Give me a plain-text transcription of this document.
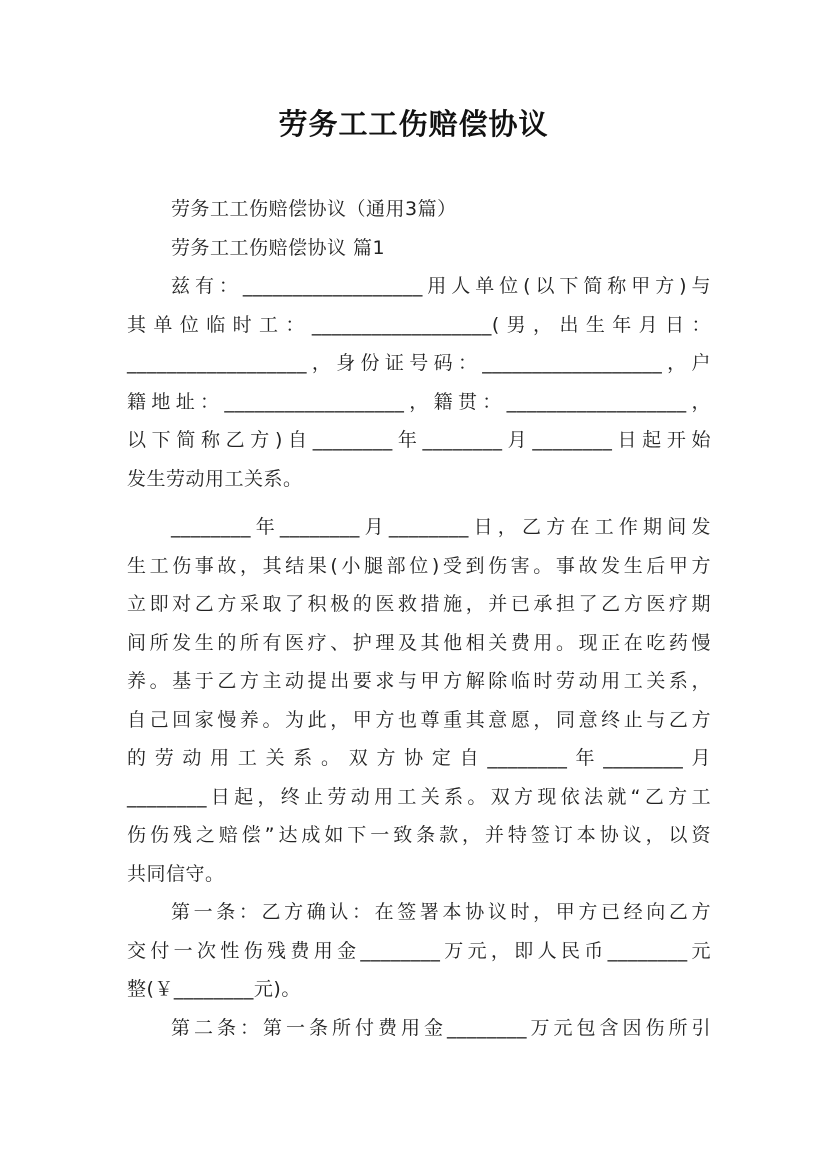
劳务工工伤赔偿协议
劳务工工伤赔偿协议（通用3篇）
劳务工工伤赔偿协议 篇1
兹有：__________________用人单位(以下简称甲方)与
其单位临时工：__________________(男，出生年月日：
__________________，身份证号码：__________________，户
籍地址：__________________，籍贯：__________________，
以下简称乙方)自________年________月________日起开始
发生劳动用工关系。
________年________月________日，乙方在工作期间发
生工伤事故，其结果(小腿部位)受到伤害。事故发生后甲方
立即对乙方采取了积极的医救措施，并已承担了乙方医疗期
间所发生的所有医疗、护理及其他相关费用。现正在吃药慢
养。基于乙方主动提出要求与甲方解除临时劳动用工关系，
自己回家慢养。为此，甲方也尊重其意愿，同意终止与乙方
的劳动用工关系。双方协定自________年________月
________日起，终止劳动用工关系。双方现依法就“乙方工
伤伤残之赔偿”达成如下一致条款，并特签订本协议，以资
共同信守。
第一条：乙方确认：在签署本协议时，甲方已经向乙方
交付一次性伤残费用金________万元，即人民币________元
整(￥________元)。
第二条：第一条所付费用金________万元包含因伤所引
